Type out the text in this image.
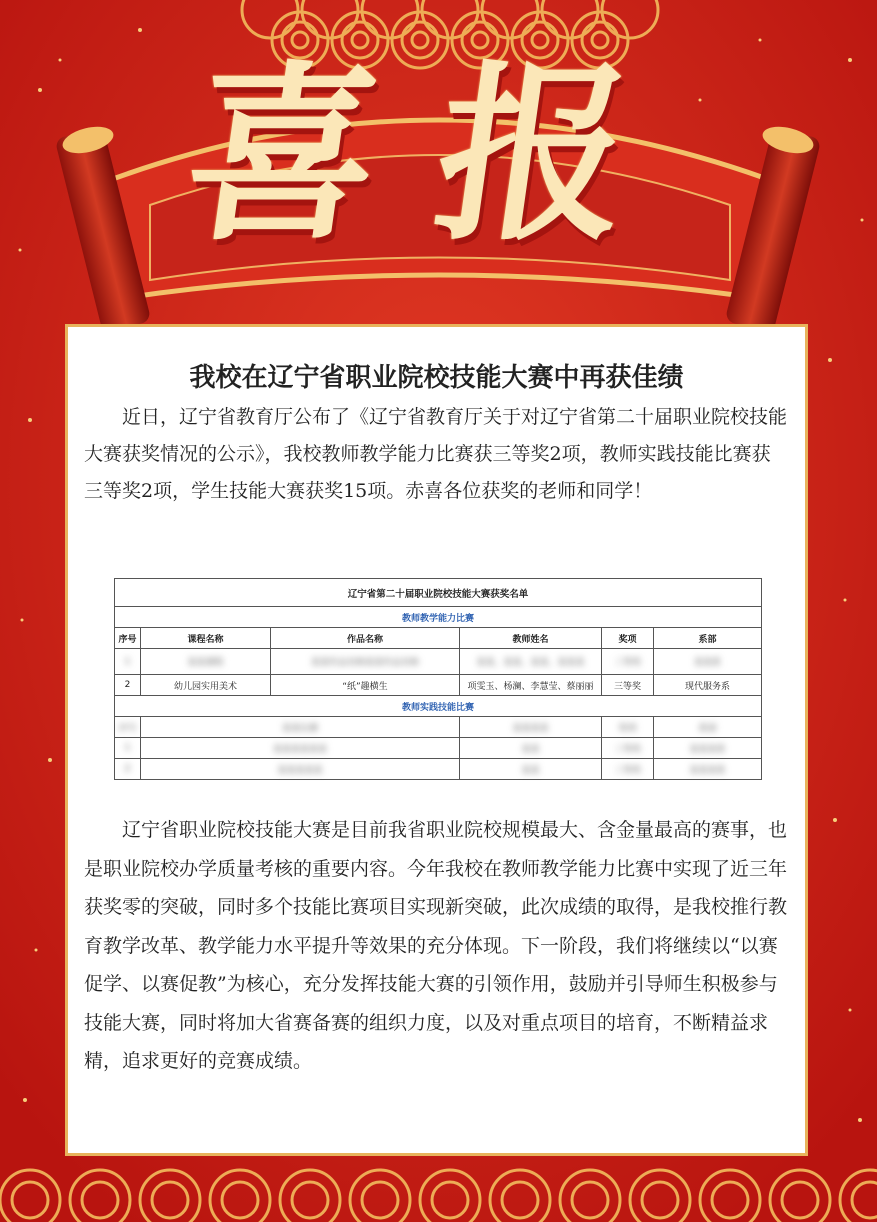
喜报
我校在辽宁省职业院校技能大赛中再获佳绩

近日，辽宁省教育厅公布了《辽宁省教育厅关于对辽宁省第二十届职业院校技能大赛获奖情况的公示》，我校教师教学能力比赛获三等奖2项，教师实践技能比赛获三等奖2项，学生技能大赛获奖15项。赤喜各位获奖的老师和同学！

辽宁省第二十届职业院校技能大赛获奖名单					
教师教学能力比赛					
序号	课程名称	作品名称	教师姓名	奖项	系部
1	某某课程	某某作品名称某某作品名称	某某、某某、某某、某某某	三等奖	某某系
2	幼儿园实用美术	“纸”趣横生	项雯玉、杨澜、李慧莹、蔡丽丽	三等奖	现代服务系
教师实践技能比赛					
序号	某某比赛		某某某某	奖项	系部
1	某某某某某某		某某	三等奖	某某某系
2	某某某某某		某某	三等奖	某某某系

辽宁省职业院校技能大赛是目前我省职业院校规模最大、含金量最高的赛事，也是职业院校办学质量考核的重要内容。今年我校在教师教学能力比赛中实现了近三年获奖零的突破，同时多个技能比赛项目实现新突破，此次成绩的取得，是我校推行教育教学改革、教学能力水平提升等效果的充分体现。下一阶段，我们将继续以“以赛促学、以赛促教”为核心，充分发挥技能大赛的引领作用，鼓励并引导师生积极参与技能大赛，同时将加大省赛备赛的组织力度，以及对重点项目的培育，不断精益求精，追求更好的竞赛成绩。
